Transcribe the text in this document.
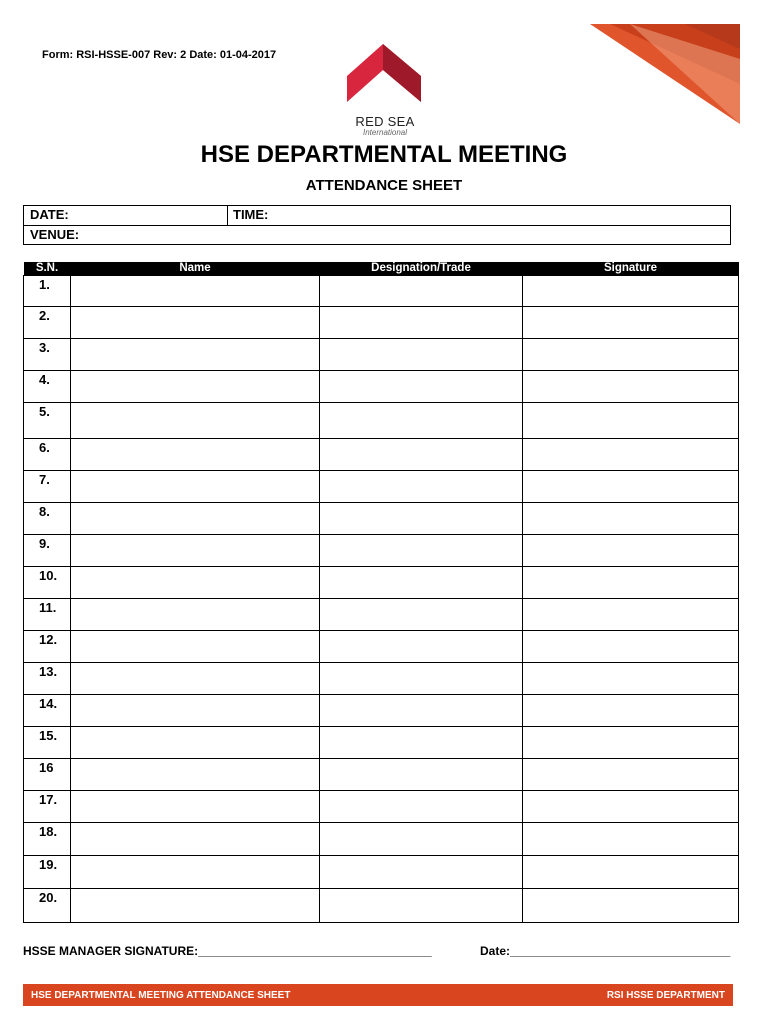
Form: RSI-HSSE-007 Rev: 2 Date: 01-04-2017
RED SEA
International
HSE DEPARTMENTAL MEETING
ATTENDANCE SHEET
DATE:	TIME:
VENUE:
S.N.	Name	Designation/Trade	Signature
1.			
2.			
3.			
4.			
5.			
6.			
7.			
8.			
9.			
10.			
11.			
12.			
13.			
14.			
15.			
16			
17.			
18.			
19.			
20.			
HSSE MANAGER SIGNATURE:___________________________________	Date:_________________________________
HSE DEPARTMENTAL MEETING ATTENDANCE SHEET	RSI HSSE DEPARTMENT
